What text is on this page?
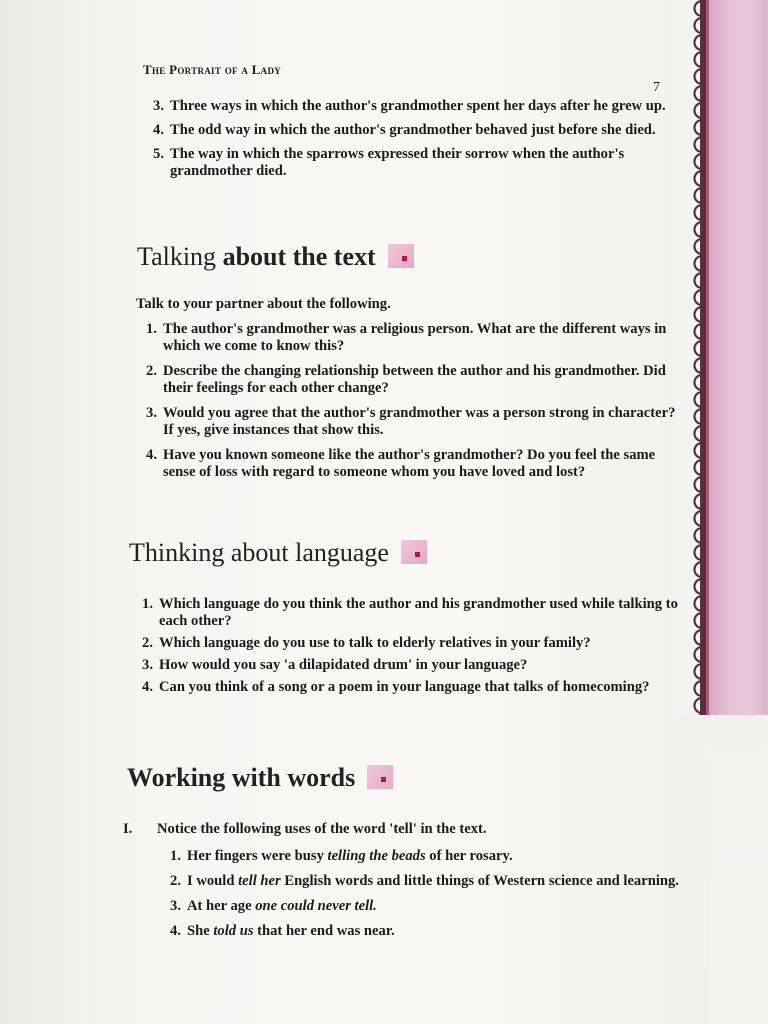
The Portrait of a Lady
7
3. Three ways in which the author's grandmother spent her days after he grew up.
4. The odd way in which the author's grandmother behaved just before she died.
5. The way in which the sparrows expressed their sorrow when the author's grandmother died.
Talking about the text
Talk to your partner about the following.
1. The author's grandmother was a religious person. What are the different ways in which we come to know this?
2. Describe the changing relationship between the author and his grandmother. Did their feelings for each other change?
3. Would you agree that the author's grandmother was a person strong in character? If yes, give instances that show this.
4. Have you known someone like the author's grandmother? Do you feel the same sense of loss with regard to someone whom you have loved and lost?
Thinking about language
1. Which language do you think the author and his grandmother used while talking to each other?
2. Which language do you use to talk to elderly relatives in your family?
3. How would you say 'a dilapidated drum' in your language?
4. Can you think of a song or a poem in your language that talks of homecoming?
Working with words
I. Notice the following uses of the word 'tell' in the text.
1. Her fingers were busy telling the beads of her rosary.
2. I would tell her English words and little things of Western science and learning.
3. At her age one could never tell.
4. She told us that her end was near.
